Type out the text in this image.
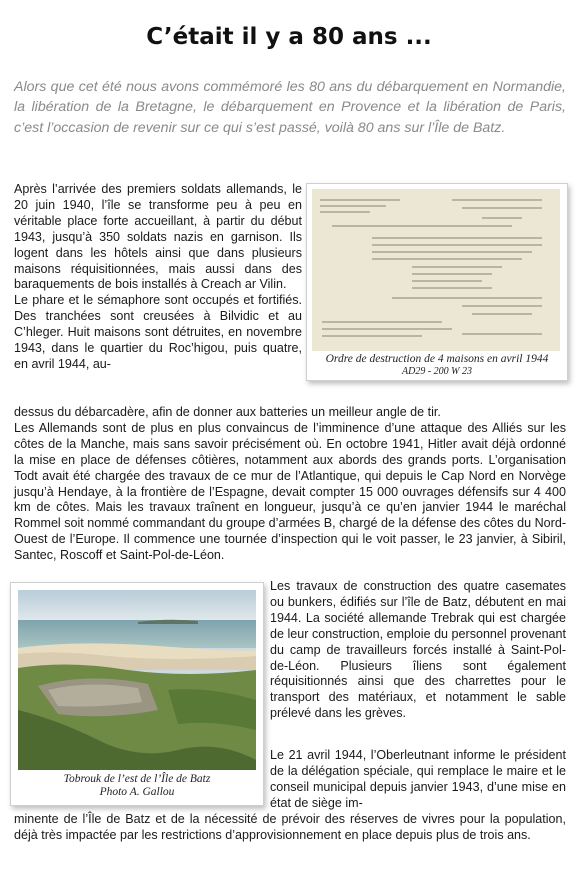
C’était il y a 80 ans ...
Alors que cet été nous avons commémoré les 80 ans du débarquement en Normandie, la libération de la Bretagne, le débarquement en Provence et la libération de Paris, c’est l’occasion de revenir sur ce qui s’est passé, voilà 80 ans sur l’Île de Batz.

Après l’arrivée des premiers soldats allemands, le 20 juin 1940, l’île se transforme peu à peu en véritable place forte accueillant, à partir du début 1943, jusqu’à 350 soldats nazis en garnison. Ils logent dans les hôtels ainsi que dans plusieurs maisons réquisitionnées, mais aussi dans des baraquements de bois installés à Creach ar Vilin.

Le phare et le sémaphore sont occupés et fortifiés. Des tranchées sont creusées à Bilvidic et au C’hleger. Huit maisons sont détruites, en novembre 1943, dans le quartier du Roc’higou, puis quatre, en avril 1944, au-	Ordre de destruction de 4 maisons en avril 1944
AD29 - 200 W 23

dessus du débarcadère, afin de donner aux batteries un meilleur angle de tir.

Les Allemands sont de plus en plus convaincus de l’imminence d’une attaque des Alliés sur les côtes de la Manche, mais sans savoir précisément où. En octobre 1941, Hitler avait déjà ordonné la mise en place de défenses côtières, notamment aux abords des grands ports. L’organisation Todt avait été chargée des travaux de ce mur de l’Atlantique, qui depuis le Cap Nord en Norvège jusqu’à Hendaye, à la frontière de l’Espagne, devait compter 15 000 ouvrages défensifs sur 4 400 km de côtes. Mais les travaux traînent en longueur, jusqu’à ce qu’en janvier 1944 le maréchal Rommel soit nommé commandant du groupe d’armées B, chargé de la défense des côtes du Nord-Ouest de l’Europe. Il commence une tournée d’inspection qui le voit passer, le 23 janvier, à Sibiril, Santec, Roscoff et Saint-Pol-de-Léon.

Tobrouk de l’est de l’Île de Batz
Photo A. Gallou

Les travaux de construction des quatre casemates ou bunkers, édifiés sur l’île de Batz, débutent en mai 1944. La société allemande Trebrak qui est chargée de leur construction, emploie du personnel provenant du camp de travailleurs forcés installé à Saint-Pol-de-Léon. Plusieurs îliens sont également réquisitionnés ainsi que des charrettes pour le transport des matériaux, et notamment le sable prélevé dans les grèves.

Le 21 avril 1944, l’Oberleutnant informe le président de la délégation spéciale, qui remplace le maire et le conseil municipal depuis janvier 1943, d’une mise en état de siège im-

minente de l’Île de Batz et de la nécessité de prévoir des réserves de vivres pour la population, déjà très impactée par les restrictions d’approvisionnement en place depuis plus de trois ans.
